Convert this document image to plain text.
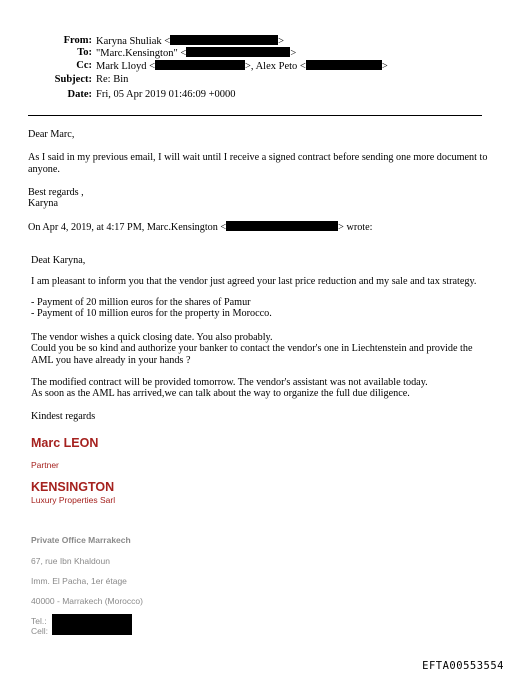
From: Karyna Shuliak <	>
To: "Marc.Kensington" <	>
Cc: Mark Lloyd <	>, Alex Peto <	>
Subject: Re: Bin
Date: Fri, 05 Apr 2019 01:46:09 +0000
Dear Marc,
As I said in my previous email, I will wait until I receive a signed contract before sending one more document to anyone.
Best regards ,
Karyna
On Apr 4, 2019, at 4:17 PM, Marc.Kensington <	> wrote:
Deat Karyna,
I am pleasant to inform you that the vendor just agreed your last price reduction and my sale and tax strategy.
- Payment of 20 million euros for the shares of Pamur
- Payment of 10 million euros for the property in Morocco.
The vendor wishes a quick closing date. You also probably.
Could you be so kind and authorize your banker to contact the vendor's one in Liechtenstein and provide the AML you have already in your hands ?
The modified contract will be provided tomorrow. The vendor's assistant was not available today.
As soon as the AML has arrived,we can talk about the way to organize the full due diligence.
Kindest regards
Marc LEON
Partner
KENSINGTON
Luxury Properties Sarl
Private Office Marrakech
67, rue Ibn Khaldoun
Imm. El Pacha, 1er étage
40000 - Marrakech (Morocco)
Tel.:
Cell:
EFTA00553554
